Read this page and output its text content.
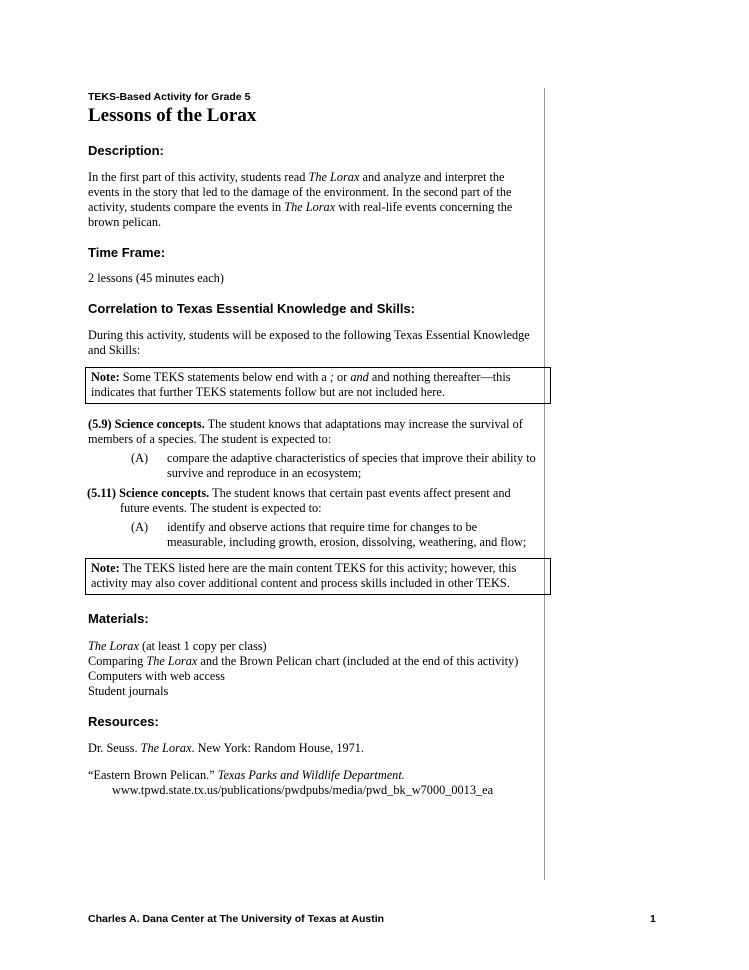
TEKS-Based Activity for Grade 5
Lessons of the Lorax
Description:

In the first part of this activity, students read The Lorax and analyze and interpret the events in the story that led to the damage of the environment. In the second part of the activity, students compare the events in The Lorax with real-life events concerning the brown pelican.

Time Frame:

2 lessons (45 minutes each)

Correlation to Texas Essential Knowledge and Skills:

During this activity, students will be exposed to the following Texas Essential Knowledge and Skills:

Note: Some TEKS statements below end with a ; or and and nothing thereafter—this indicates that further TEKS statements follow but are not included here.

(5.9) Science concepts. The student knows that adaptations may increase the survival of members of a species. The student is expected to:

(A)	compare the adaptive characteristics of species that improve their ability to survive and reproduce in an ecosystem;

(5.11) Science concepts. The student knows that certain past events affect present and future events. The student is expected to:

(A)	identify and observe actions that require time for changes to be measurable, including growth, erosion, dissolving, weathering, and flow;
Note: The TEKS listed here are the main content TEKS for this activity; however, this activity may also cover additional content and process skills included in other TEKS.
Materials:

The Lorax (at least 1 copy per class)

Comparing The Lorax and the Brown Pelican chart (included at the end of this activity)

Computers with web access

Student journals

Resources:

Dr. Seuss. The Lorax. New York: Random House, 1971.

“Eastern Brown Pelican.” Texas Parks and Wildlife Department.

www.tpwd.state.tx.us/publications/pwdpubs/media/pwd_bk_w7000_0013_ea

Charles A. Dana Center at The University of Texas at Austin	1
